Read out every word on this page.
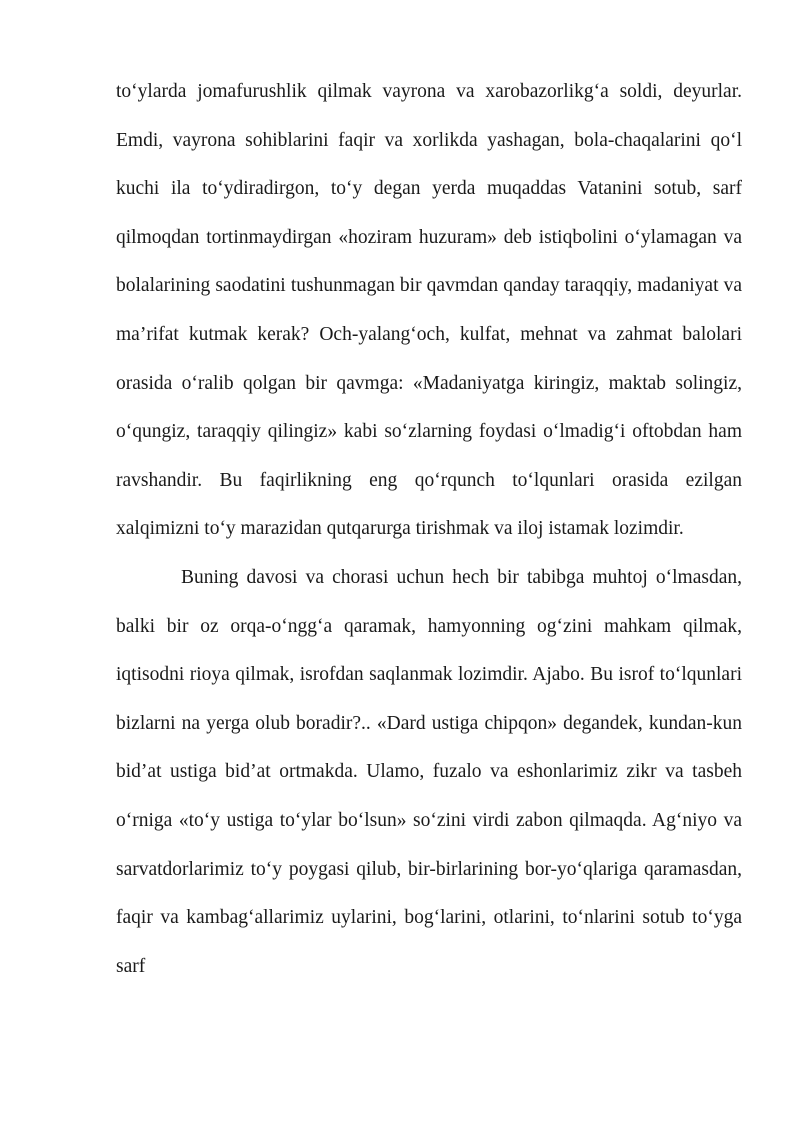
to‘ylarda jomafurushlik qilmak vayrona va xarobazorlikg‘a soldi, deyurlar. Emdi, vayrona sohiblarini faqir va xorlikda yashagan, bola-chaqalarini qo‘l kuchi ila to‘ydiradirgon, to‘y degan yerda muqaddas Vatanini sotub, sarf qilmoqdan tortinmaydirgan «hoziram huzuram» deb istiqbolini o‘ylamagan va bolalarining saodatini tushunmagan bir qavmdan qanday taraqqiy, madaniyat va ma’rifat kutmak kerak? Och-yalang‘och, kulfat, mehnat va zahmat balolari orasida o‘ralib qolgan bir qavmga: «Madaniyatga kiringiz, maktab solingiz, o‘qungiz, taraqqiy qilingiz» kabi so‘zlarning foydasi o‘lmadig‘i oftobdan ham ravshandir. Bu faqirlikning eng qo‘rqunch to‘lqunlari orasida ezilgan xalqimizni to‘y marazidan qutqarurga tirishmak va iloj istamak lozimdir.

Buning davosi va chorasi uchun hech bir tabibga muhtoj o‘lmasdan, balki bir oz orqa-o‘ngg‘a qaramak, hamyonning og‘zini mahkam qilmak, iqtisodni rioya qilmak, isrofdan saqlanmak lozimdir. Ajabo. Bu isrof to‘lqunlari bizlarni na yerga olub boradir?.. «Dard ustiga chipqon» degandek, kundan-kun bid’at ustiga bid’at ortmakda. Ulamo, fuzalo va eshonlarimiz zikr va tasbeh o‘rniga «to‘y ustiga to‘ylar bo‘lsun» so‘zini virdi zabon qilmaqda. Ag‘niyo va sarvatdorlarimiz to‘y poygasi qilub, bir-birlarining bor-yo‘qlariga qaramasdan, faqir va kambag‘allarimiz uylarini, bog‘larini, otlarini, to‘nlarini sotub to‘yga sarf
